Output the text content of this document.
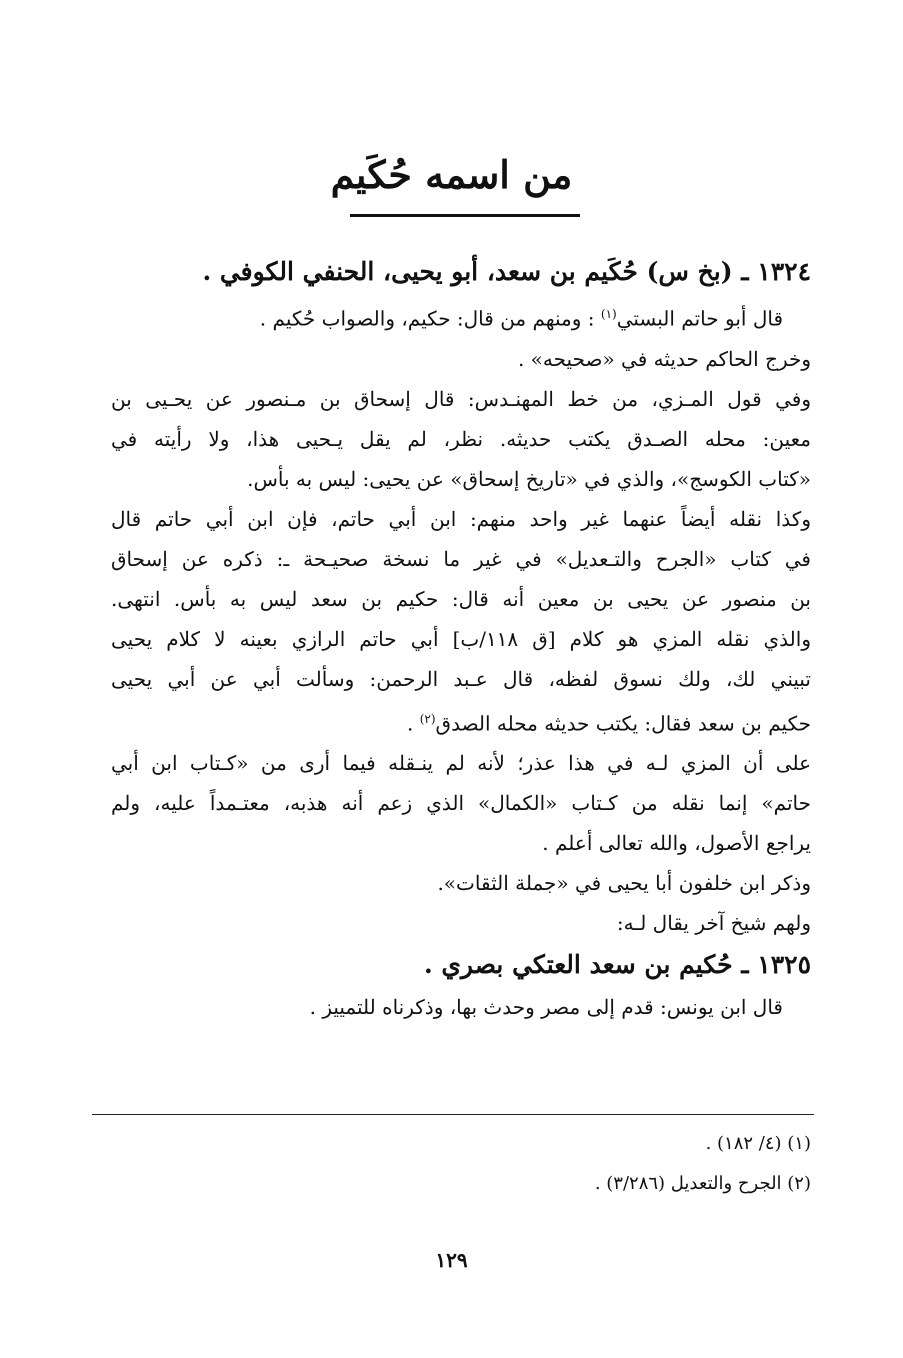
من اسمه حُكَيم

١٣٢٤ ـ (بخ س) حُكَيم بن سعد، أبو يحيى، الحنفي الكوفي .

قال أبو حاتم البستي$^{(١)}$ : ومنهم من قال: حكيم، والصواب حُكيم .

وخرج الحاكم حديثه في «صحيحه» .

وفي قول المـزي، من خط المهنـدس: قال إسحاق بن مـنصور عن يحـيى بن

معين: محله الصـدق يكتب حديثه. نظر، لم يقل يـحيى هذا، ولا رأيته في

«كتاب الكوسج»، والذي في «تاريخ إسحاق» عن يحيى: ليس به بأس.

وكذا نقله أيضاً عنهما غير واحد منهم: ابن أبي حاتم، فإن ابن أبي حاتم قال

في كتاب «الجرح والتـعديل» في غير ما نسخة صحيـحة ـ: ذكره عن إسحاق

بن منصور عن يحيى بن معين أنه قال: حكيم بن سعد ليس به بأس. انتهى.

والذي نقله المزي هو كلام [ق ١١٨/ب] أبي حاتم الرازي بعينه لا كلام يحيى

تبيني لك، ولك نسوق لفظه، قال عـبد الرحمن: وسألت أبي عن أبي يحيى

حكيم بن سعد فقال: يكتب حديثه محله الصدق$^{(٢)}$ .

على أن المزي لـه في هذا عذر؛ لأنه لم ينـقله فيما أرى من «كـتاب ابن أبي

حاتم» إنما نقله من كـتاب «الكمال» الذي زعم أنه هذبه، معتـمداً عليه، ولم

يراجع الأصول، والله تعالى أعلم .

وذكر ابن خلفون أبا يحيى في «جملة الثقات».

ولهم شيخ آخر يقال لـه:

١٣٢٥ ـ حُكيم بن سعد العتكي بصري .

قال ابن يونس: قدم إلى مصر وحدث بها، وذكرناه للتمييز .

(١) (٤/ ١٨٢) .

(٢) الجرح والتعديل (٣/٢٨٦) .

١٢٩
